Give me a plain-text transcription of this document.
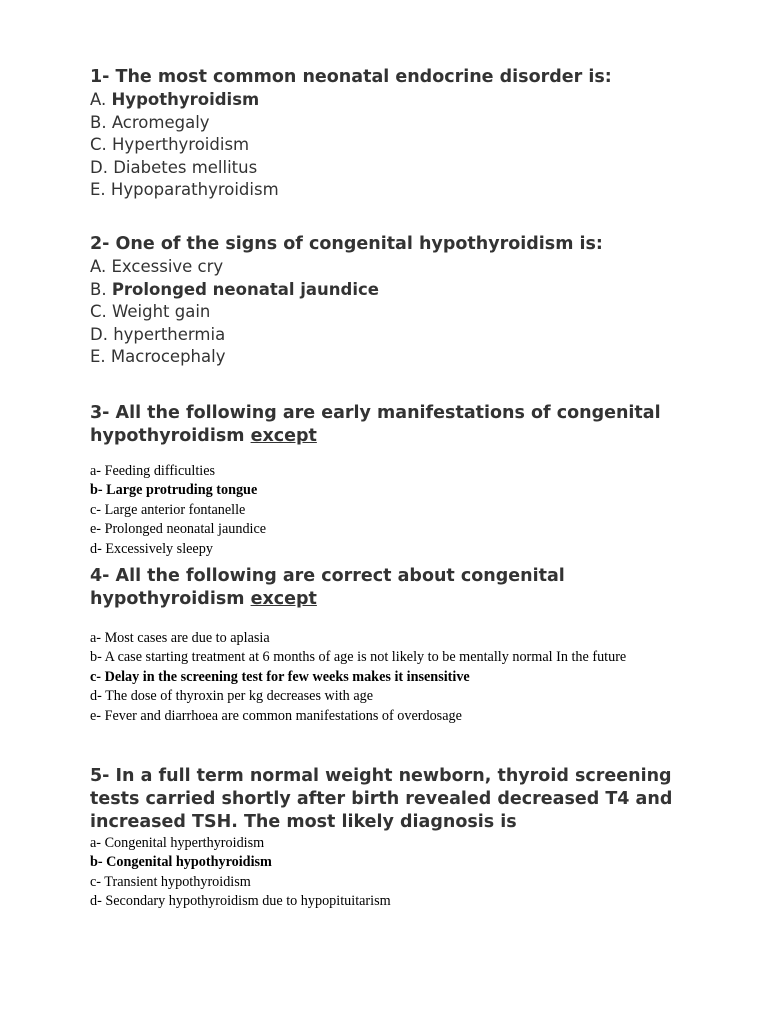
1- The most common neonatal endocrine disorder is:

A. Hypothyroidism

B. Acromegaly

C. Hyperthyroidism

D. Diabetes mellitus

E. Hypoparathyroidism

2- One of the signs of congenital hypothyroidism is:

A. Excessive cry

B. Prolonged neonatal jaundice

C. Weight gain

D. hyperthermia

E. Macrocephaly

3- All the following are early manifestations of congenital hypothyroidism except

a- Feeding difficulties

b- Large protruding tongue

c- Large anterior fontanelle

e- Prolonged neonatal jaundice

d- Excessively sleepy

4- All the following are correct about congenital hypothyroidism except

a- Most cases are due to aplasia

b- A case starting treatment at 6 months of age is not likely to be mentally normal In the future

c- Delay in the screening test for few weeks makes it insensitive

d- The dose of thyroxin per kg decreases with age

e- Fever and diarrhoea are common manifestations of overdosage

5- In a full term normal weight newborn, thyroid screening tests carried shortly after birth revealed decreased T4 and increased TSH. The most likely diagnosis is

a- Congenital hyperthyroidism

b- Congenital hypothyroidism

c- Transient hypothyroidism

d- Secondary hypothyroidism due to hypopituitarism
